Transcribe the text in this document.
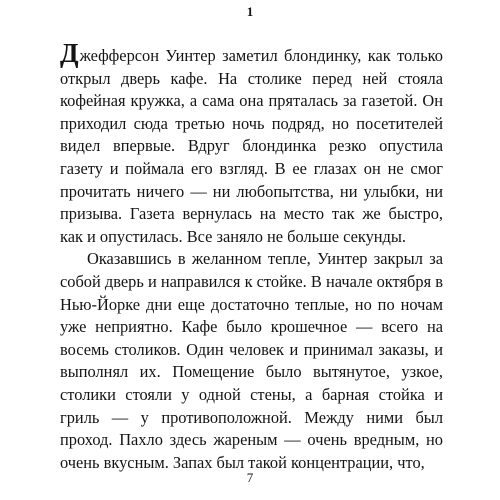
1

Джефферсон Уинтер заметил блондинку, как только открыл дверь кафе. На столике перед ней стояла кофейная кружка, а сама она пряталась за газетой. Он приходил сюда третью ночь подряд, но посетителей видел впервые. Вдруг блондинка резко опустила газету и поймала его взгляд. В ее глазах он не смог прочитать ничего — ни любопытства, ни улыбки, ни призыва. Газета вернулась на место так же быстро, как и опустилась. Все заняло не больше секунды.

Оказавшись в желанном тепле, Уинтер закрыл за собой дверь и направился к стойке. В начале октября в Нью-Йорке дни еще достаточно теплые, но по ночам уже неприятно. Кафе было крошечное — всего на восемь столиков. Один человек и принимал заказы, и выполнял их. Помещение было вытянутое, узкое, столики стояли у одной стены, а барная стойка и гриль — у противоположной. Между ними был проход. Пахло здесь жареным — очень вредным, но очень вкусным. Запах был такой концентрации, что,

7
